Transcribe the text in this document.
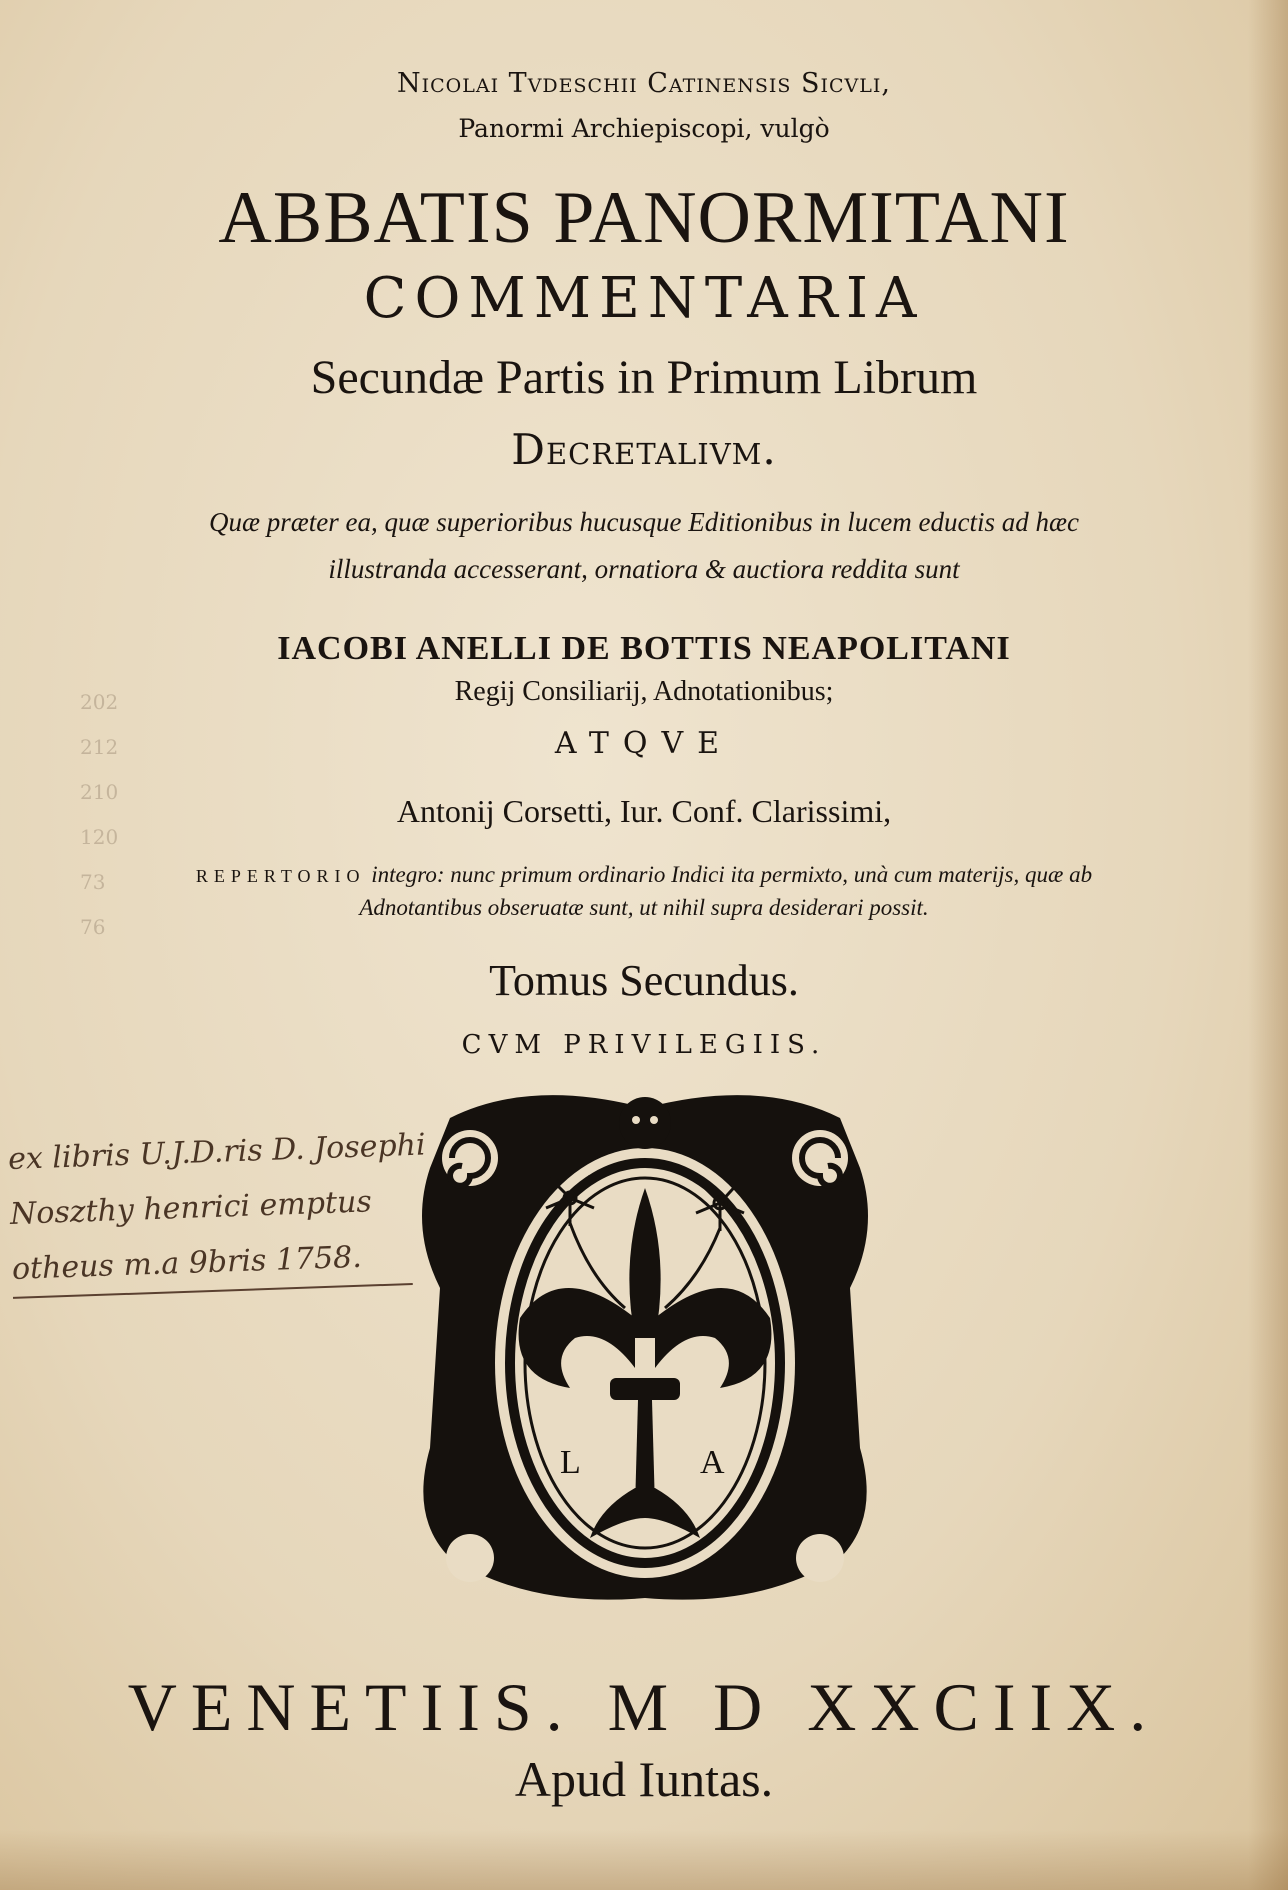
Nicolai Tvdeschii Catinensis Sicvli,
Panormi Archiepiscopi, vulgò
ABBATIS PANORMITANI
COMMENTARIA
Secundæ Partis in Primum Librum
Decretalivm.
Quæ præter ea, quæ superioribus hucusque Editionibus in lucem eductis ad hæc
illustranda accesserant, ornatiora & auctiora reddita sunt
IACOBI ANELLI DE BOTTIS NEAPOLITANI
Regij Consiliarij, Adnotationibus;
ATQVE
Antonij Corsetti, Iur. Conf. Clarissimi,
REPERTORIO integro: nunc primum ordinario Indici ita permixto, unà cum materijs, quæ ab
Adnotantibus obseruatæ sunt, ut nihil supra desiderari possit.
Tomus Secundus.
CVM PRIVILEGIIS.
202
212
210
120
73
76
ex libris U.J.D.ris D. Josephi
Noszthy henrici emptus
otheus m.a 9bris 1758.
L	A
VENETIIS. M D XXCIIX.
Apud Iuntas.
